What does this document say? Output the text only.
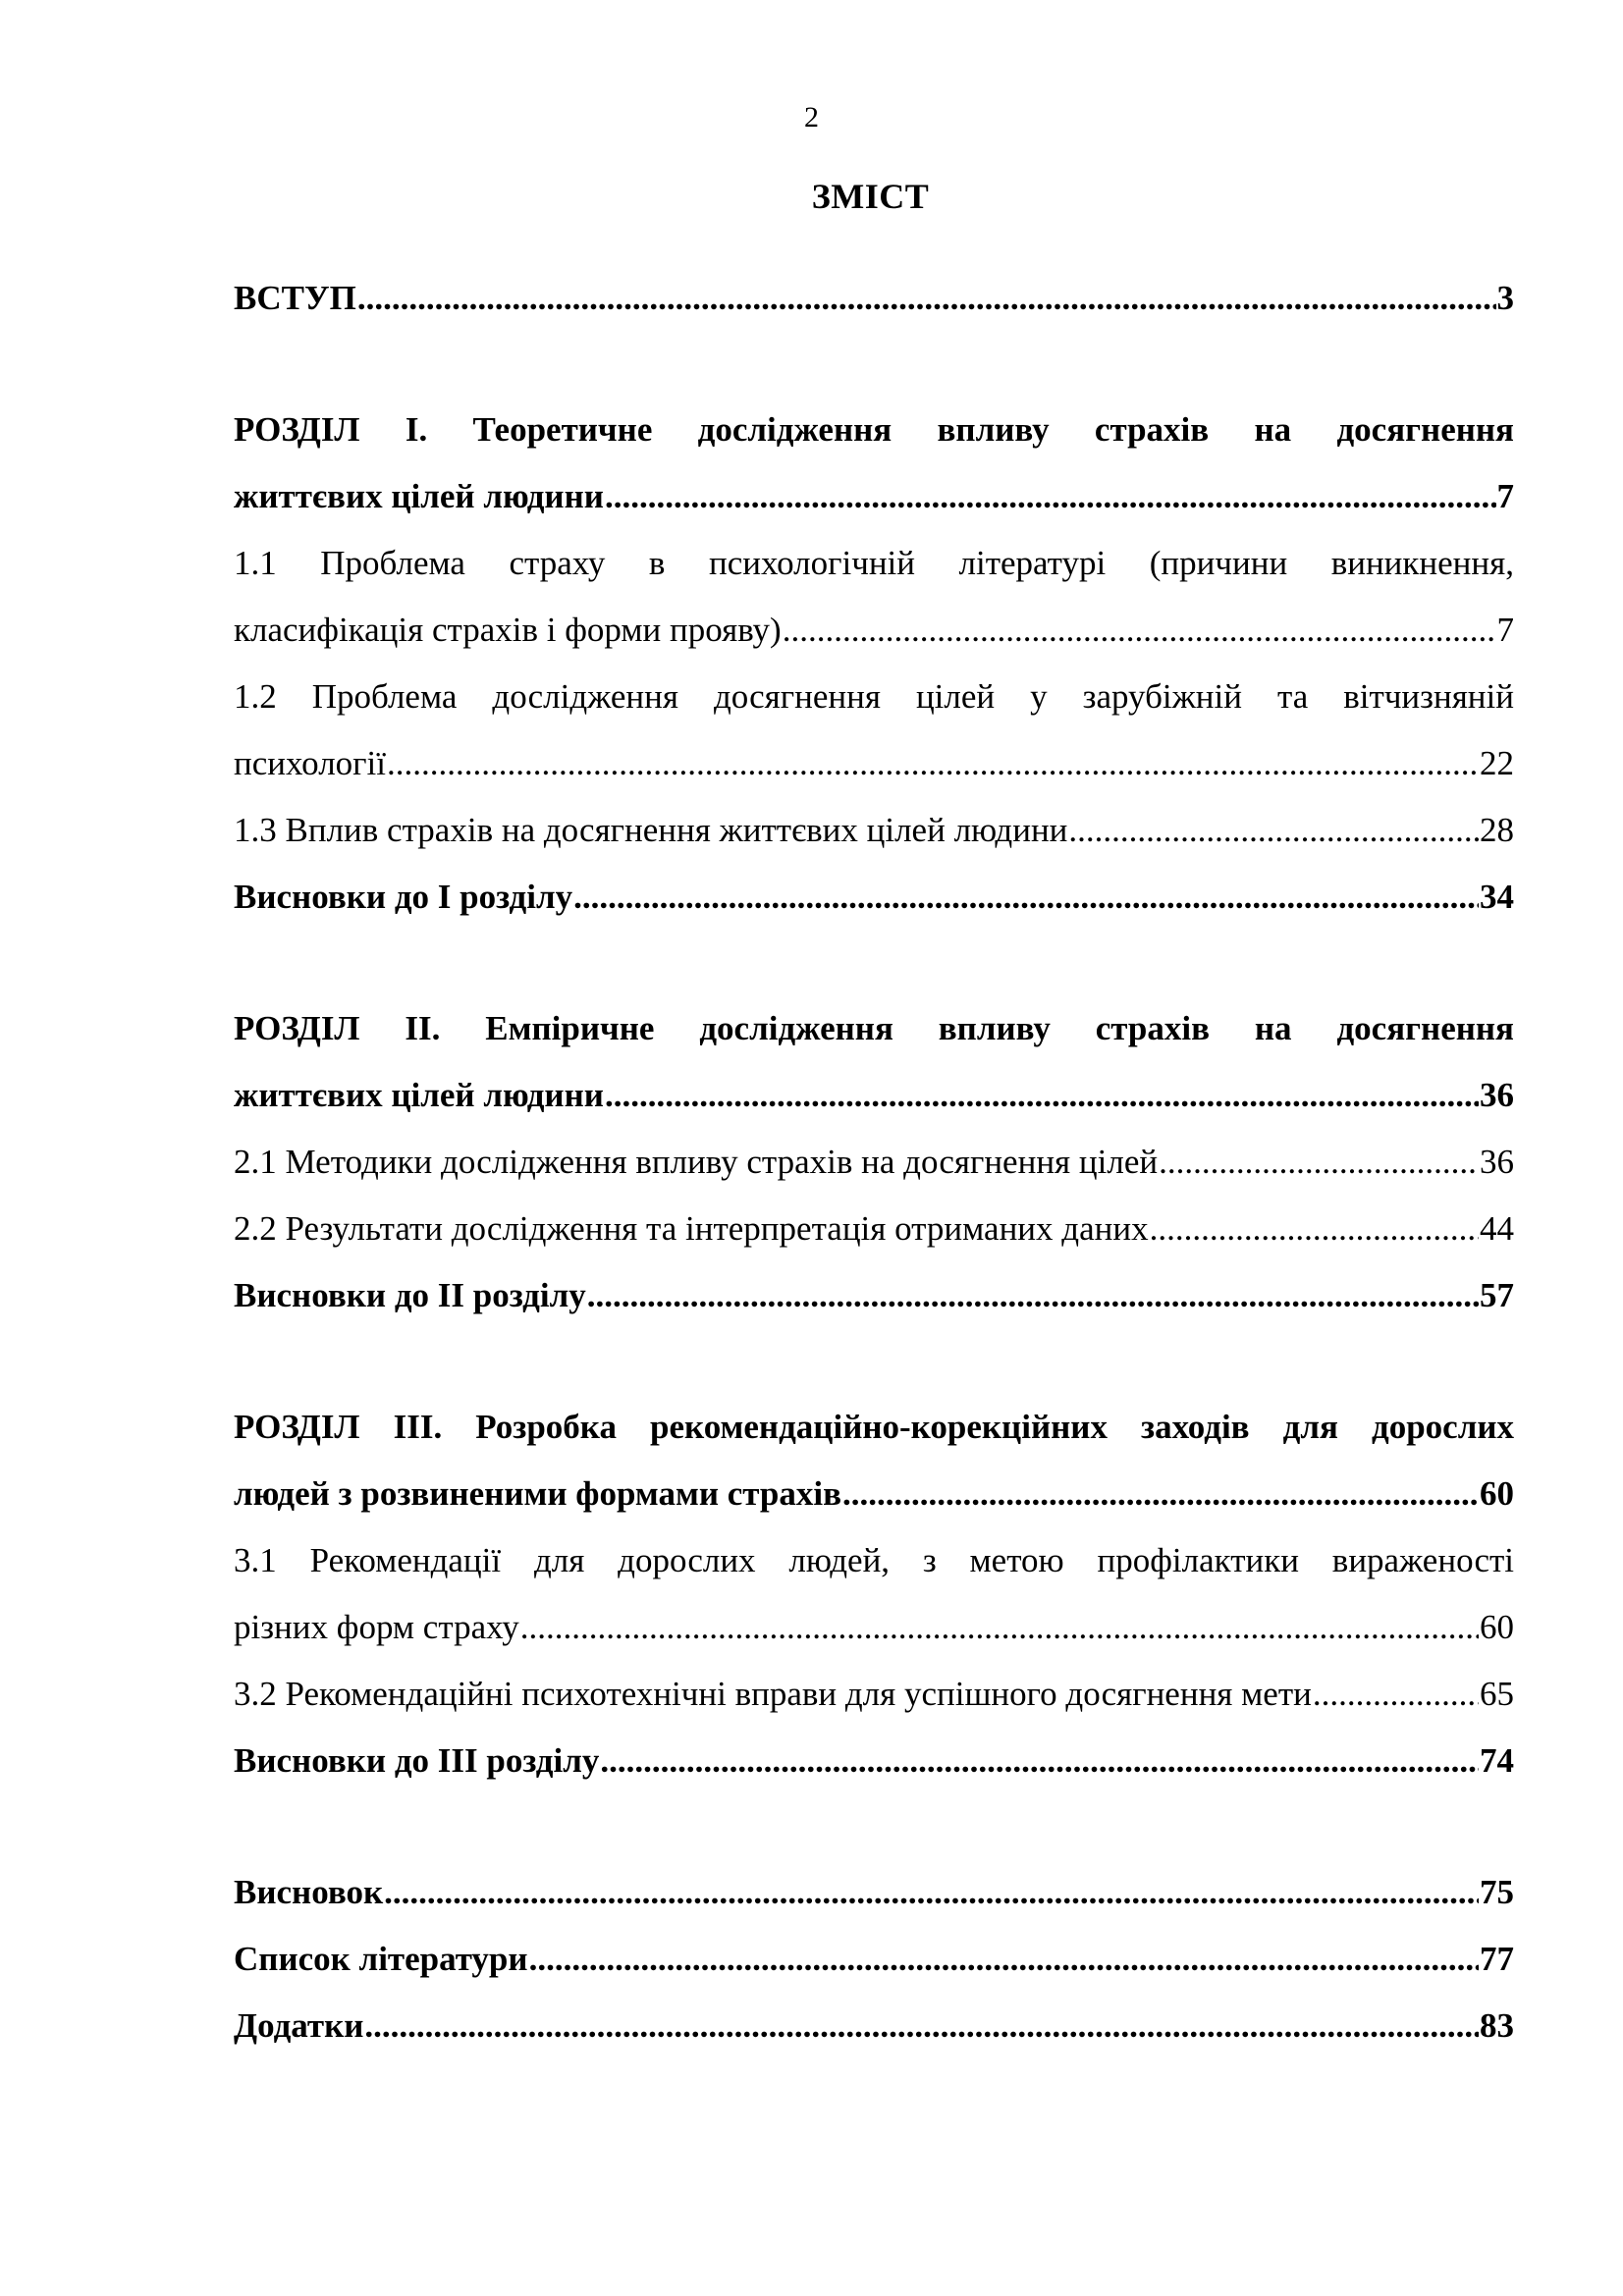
2
ЗМІСТ
ВСТУП .....	3
РОЗДІЛ І. Теоретичне дослідження впливу страхів на досягнення
життєвих цілей людини .....	7
1.1 Проблема страху в психологічній літературі (причини виникнення,
класифікація страхів і форми прояву) .....	7
1.2 Проблема дослідження досягнення цілей у зарубіжній та вітчизняній
психології .....	22
1.3 Вплив страхів на досягнення життєвих цілей людини .....	28
Висновки до І розділу .....	34
РОЗДІЛ ІІ. Емпіричне дослідження впливу страхів на досягнення
життєвих цілей людини .....	36
2.1 Методики дослідження впливу страхів на досягнення цілей .....	36
2.2 Результати дослідження та інтерпретація отриманих даних .....	44
Висновки до ІІ розділу .....	57
РОЗДІЛ ІІІ. Розробка рекомендаційно-корекційних заходів для дорослих
людей з розвиненими формами страхів .....	60
3.1 Рекомендації для дорослих людей, з метою профілактики вираженості
різних форм страху .....	60
3.2 Рекомендаційні психотехнічні вправи для успішного досягнення мети .....	65
Висновки до ІІІ розділу .....	74
Висновок .....	75
Список літератури .....	77
Додатки .....	83
